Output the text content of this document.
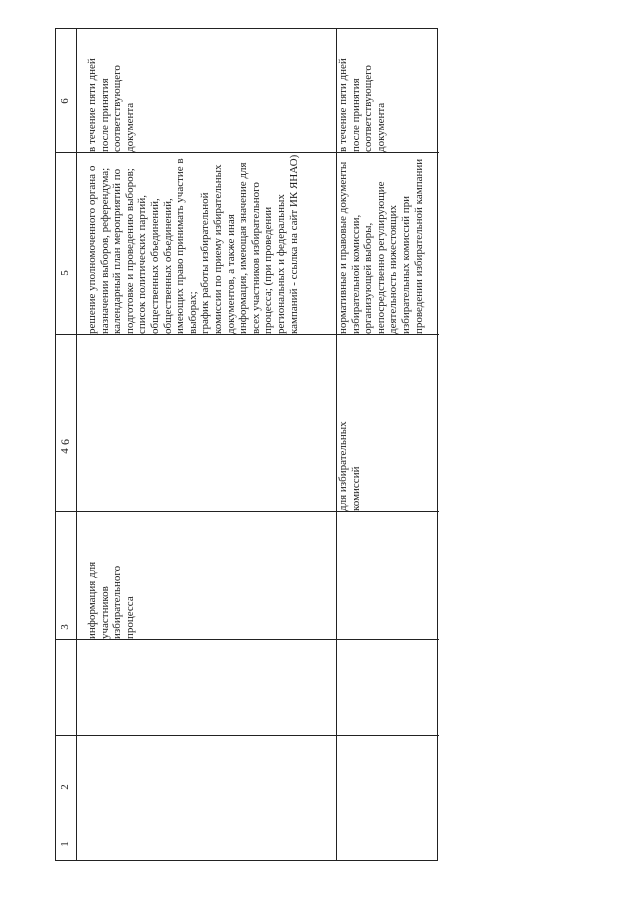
6
1
2
3
4
5
6
информация для участников избирательного процесса
для избирательных комиссий
решение уполномоченного органа о назначении выборов, референдума; календарный план мероприятий по подготовке и проведению выборов; список политических партий, общественных объединений, общественных объединений, имеющих право принимать участие в выборах; график работы избирательной комиссии по приему избирательных документов, а также иная информация, имеющая значение для всех участников избирательного процесса; (при проведении региональных и федеральных кампаний - ссылка на сайт ИК ЯНАО)	нормативные и правовые документы избирательной комиссии, организующей выборы, непосредственно регулирующие деятельность нижестоящих избирательных комиссий при проведении избирательной кампании
в течение пяти дней после принятия соответствующего документа	в течение пяти дней после принятия соответствующего документа
